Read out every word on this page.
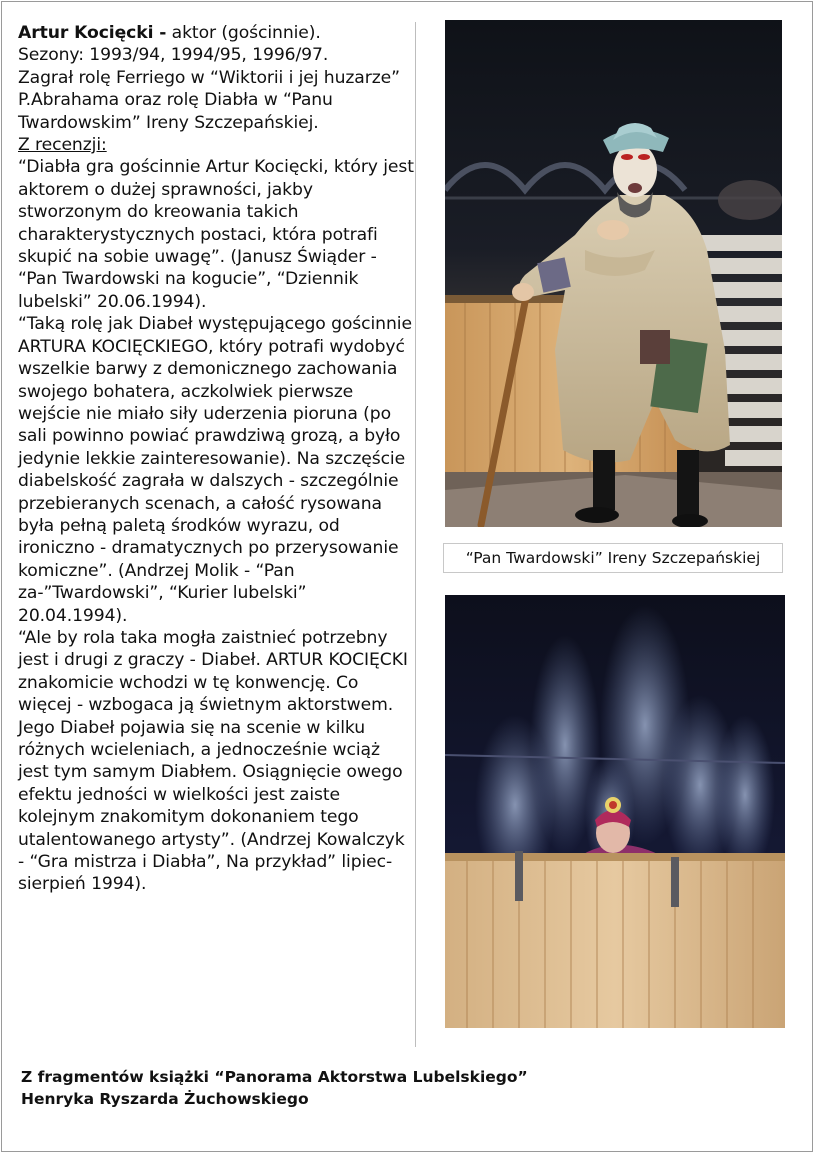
Artur Kocięcki - aktor (gościnnie).

Sezony: 1993/94, 1994/95, 1996/97.

Zagrał rolę Ferriego w “Wiktorii i jej huzarze” P.Abrahama oraz rolę Diabła w “Panu Twardowskim” Ireny Szczepańskiej.

Z recenzji:

“Diabła gra gościnnie Artur Kocięcki, który jest aktorem o dużej sprawności, jakby stworzonym do kreowania takich charakterystycznych postaci, która potrafi skupić na sobie uwagę”. (Janusz Świąder - “Pan Twardowski na kogucie”, “Dziennik lubelski” 20.06.1994).

“Taką rolę jak Diabeł występującego gościnnie ARTURA KOCIĘCKIEGO, który potrafi wydobyć wszelkie barwy z demonicznego zachowania swojego bohatera, aczkolwiek pierwsze wejście nie miało siły uderzenia pioruna (po sali powinno powiać prawdziwą grozą, a było jedynie lekkie zainteresowanie). Na szczęście diabelskość zagrała w dalszych - szczególnie przebieranych scenach, a całość rysowana była pełną paletą środków wyrazu, od ironiczno - dramatycznych po przerysowanie komiczne”. (Andrzej Molik - “Pan za-”Twardowski”, “Kurier lubelski” 20.04.1994).

“Ale by rola taka mogła zaistnieć potrzebny jest i drugi z graczy - Diabeł. ARTUR KOCIĘCKI znakomicie wchodzi w tę konwencję. Co więcej - wzbogaca ją świetnym aktorstwem. Jego Diabeł pojawia się na scenie w kilku różnych wcieleniach, a jednocześnie wciąż jest tym samym Diabłem. Osiągnięcie owego efektu jedności w wielkości jest zaiste kolejnym znakomitym dokonaniem tego utalentowanego artysty”. (Andrzej Kowalczyk - “Gra mistrza i Diabła”, Na przykład” lipiec-sierpień 1994).

“Pan Twardowski” Ireny Szczepańskiej

Z fragmentów książki “Panorama Aktorstwa Lubelskiego”

Henryka Ryszarda Żuchowskiego
